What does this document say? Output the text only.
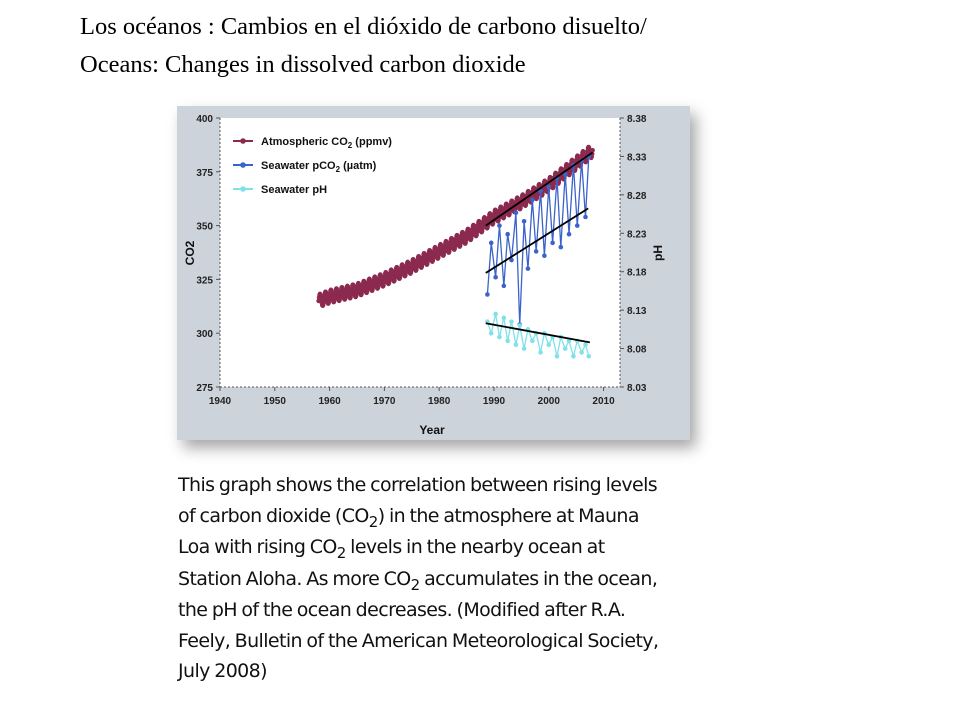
Los océanos : Cambios en el dióxido de carbono disuelto/
Oceans: Changes in dissolved carbon dioxide
1940	1950	1960	1970	1980	1990	2000	2010
400
375
350
325
300
275
8.38
8.33
8.28
8.23
8.18
8.13
8.08
8.03
Atmospheric $CO_2$ (ppmv)
Seawater pCO$_2$ (µatm)
Seawater pH
Year
CO2	pH
This graph shows the correlation between rising levels
of carbon dioxide $(CO_2)$ in the atmosphere at Mauna
Loa with rising $CO_2$ levels in the nearby ocean at
Station Aloha. As more $CO_2$ accumulates in the ocean,
the pH of the ocean decreases. (Modified after R.A.
Feely, Bulletin of the American Meteorological Society,
July 2008)
